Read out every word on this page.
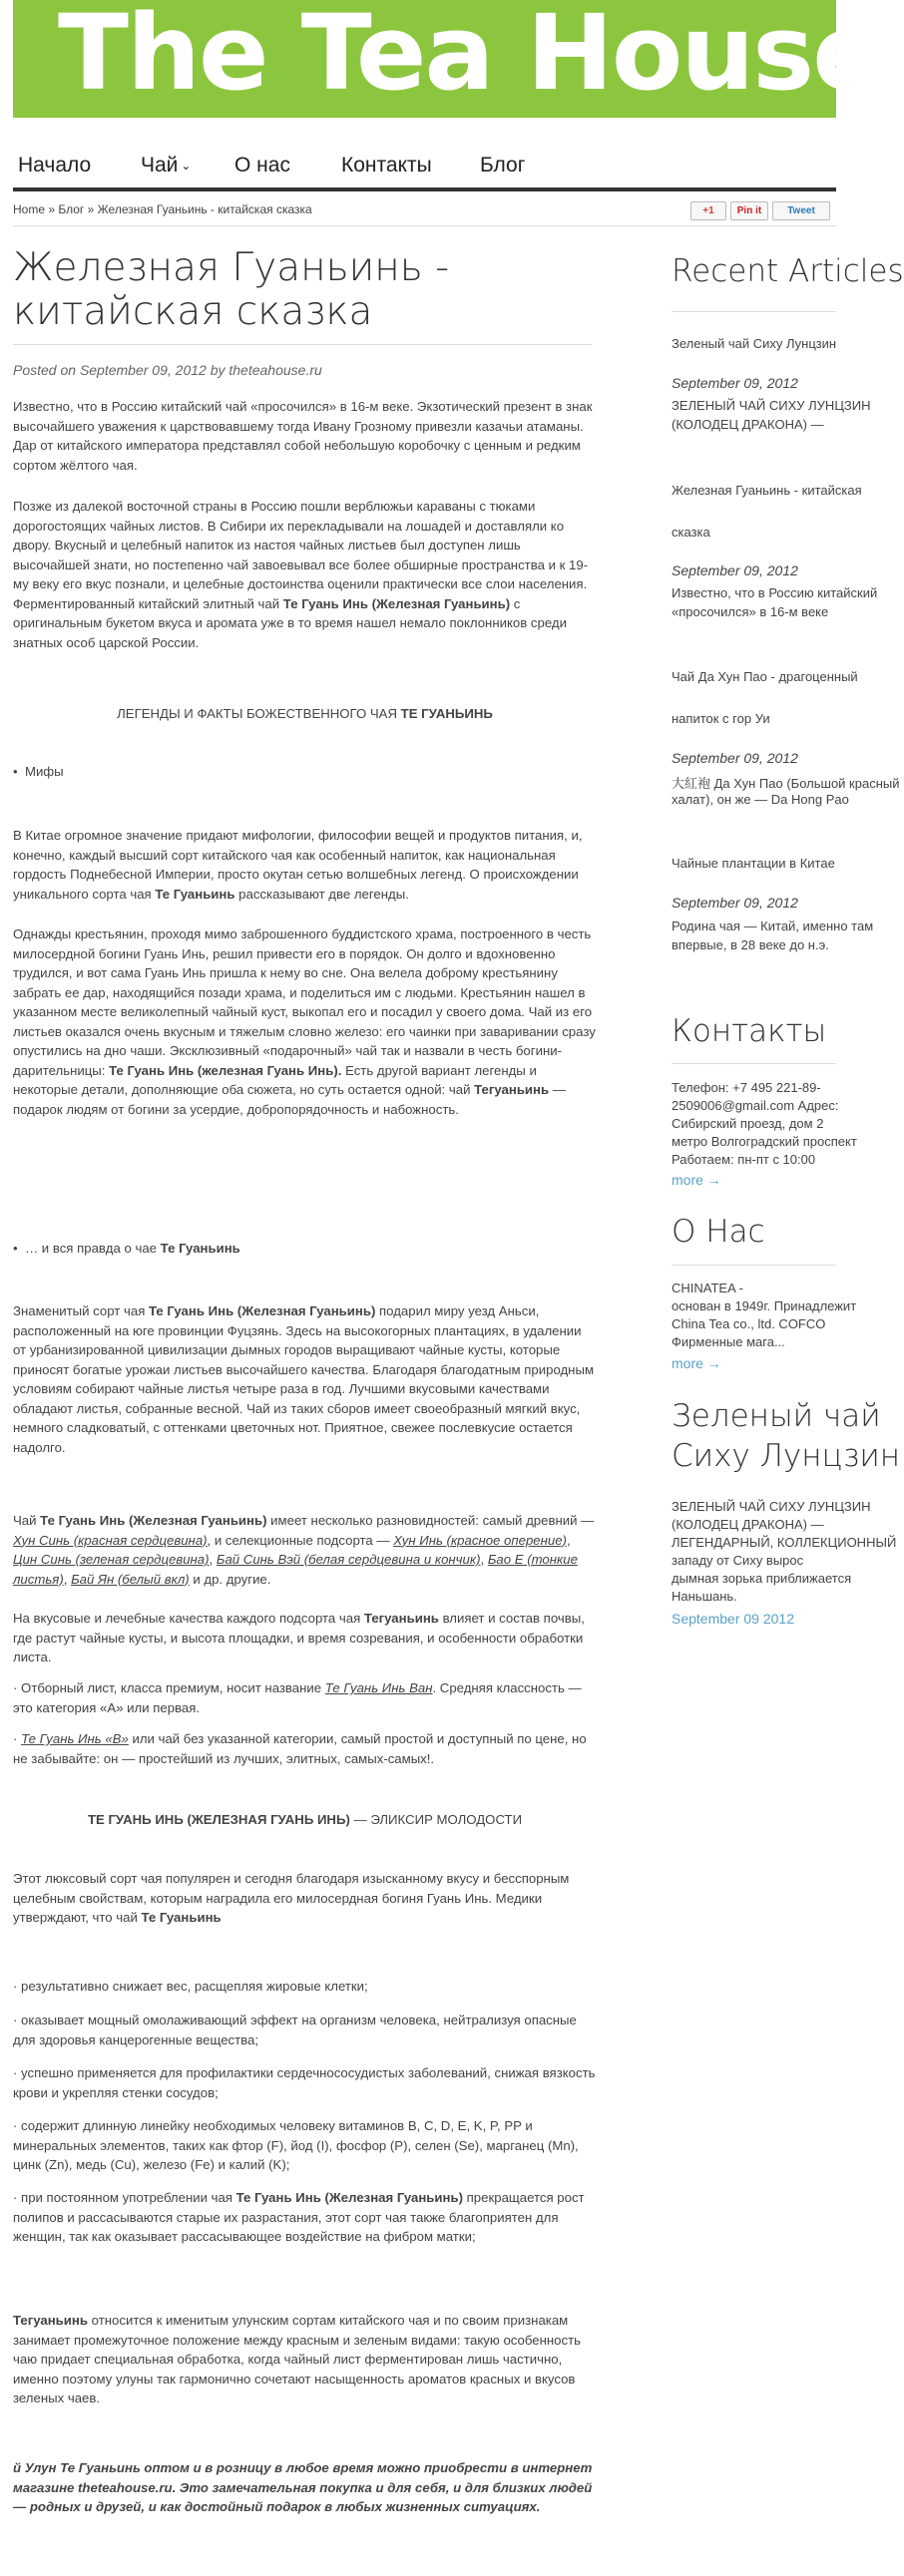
The Tea House
Начало Чай ⌄ О нас Контакты Блог
Home » Блог » Железная Гуаньинь - китайская сказка	+1	Pin it	Tweet
Железная Гуаньинь - китайская сказка
Posted on September 09, 2012 by theteahouse.ru
Известно, что в Россию китайский чай «просочился» в 16-м веке. Экзотический презент в знак высочайшего уважения к царствовавшему тогда Ивану Грозному привезли казачьи атаманы. Дар от китайского императора представлял собой небольшую коробочку с ценным и редким сортом жёлтого чая.
Позже из далекой восточной страны в Россию пошли верблюжьи караваны с тюками дорогостоящих чайных листов. В Сибири их перекладывали на лошадей и доставляли ко двору. Вкусный и целебный напиток из настоя чайных листьев был доступен лишь высочайшей знати, но постепенно чай завоевывал все более обширные пространства и к 19-му веку его вкус познали, и целебные достоинства оценили практически все слои населения. Ферментированный китайский элитный чай Те Гуань Инь (Железная Гуаньинь) с оригинальным букетом вкуса и аромата уже в то время нашел немало поклонников среди знатных особ царской России.
ЛЕГЕНДЫ И ФАКТЫ БОЖЕСТВЕННОГО ЧАЯ ТЕ ГУАНЬИНЬ
•  Мифы
В Китае огромное значение придают мифологии, философии вещей и продуктов питания, и, конечно, каждый высший сорт китайского чая как особенный напиток, как национальная гордость Поднебесной Империи, просто окутан сетью волшебных легенд. О происхождении уникального сорта чая Те Гуаньинь рассказывают две легенды.
Однажды крестьянин, проходя мимо заброшенного буддистского храма, построенного в честь милосердной богини Гуань Инь, решил привести его в порядок. Он долго и вдохновенно трудился, и вот сама Гуань Инь пришла к нему во сне. Она велела доброму крестьянину забрать ее дар, находящийся позади храма, и поделиться им с людьми. Крестьянин нашел в указанном месте великолепный чайный куст, выкопал его и посадил у своего дома. Чай из его листьев оказался очень вкусным и тяжелым словно железо: его чаинки при заваривании сразу опустились на дно чаши. Эксклюзивный «подарочный» чай так и назвали в честь богини-дарительницы: Те Гуань Инь (железная Гуань Инь). Есть другой вариант легенды и некоторые детали, дополняющие оба сюжета, но суть остается одной: чай Тегуаньинь — подарок людям от богини за усердие, добропорядочность и набожность.
•  … и вся правда о чае Те Гуаньинь
Знаменитый сорт чая Те Гуань Инь (Железная Гуаньинь) подарил миру уезд Аньси, расположенный на юге провинции Фуцзянь. Здесь на высокогорных плантациях, в удалении от урбанизированной цивилизации дымных городов выращивают чайные кусты, которые приносят богатые урожаи листьев высочайшего качества. Благодаря благодатным природным условиям собирают чайные листья четыре раза в год. Лучшими вкусовыми качествами обладают листья, собранные весной. Чай из таких сборов имеет своеобразный мягкий вкус, немного сладковатый, с оттенками цветочных нот. Приятное, свежее послевкусие остается надолго.
Чай Те Гуань Инь (Железная Гуаньинь) имеет несколько разновидностей: самый древний — Хун Синь (красная сердцевина), и селекционные подсорта — Хун Инь (красное оперение), Цин Синь (зеленая сердцевина), Бай Синь Вэй (белая сердцевина и кончик), Бао Е (тонкие листья), Бай Ян (белый вкл) и др. другие.
На вкусовые и лечебные качества каждого подсорта чая Тегуаньинь влияет и состав почвы, где растут чайные кусты, и высота площадки, и время созревания, и особенности обработки листа.
· Отборный лист, класса премиум, носит название Те Гуань Инь Ван. Средняя классность — это категория «А» или первая.
· Те Гуань Инь «В» или чай без указанной категории, самый простой и доступный по цене, но не забывайте: он — простейший из лучших, элитных, самых-самых!.
ТЕ ГУАНЬ ИНЬ (ЖЕЛЕЗНАЯ ГУАНЬ ИНЬ) — ЭЛИКСИР МОЛОДОСТИ
Этот люксовый сорт чая популярен и сегодня благодаря изысканному вкусу и бесспорным целебным свойствам, которым наградила его милосердная богиня Гуань Инь. Медики утверждают, что чай Те Гуаньинь
· результативно снижает вес, расщепляя жировые клетки;
· оказывает мощный омолаживающий эффект на организм человека, нейтрализуя опасные для здоровья канцерогенные вещества;
· успешно применяется для профилактики сердечнососудистых заболеваний, снижая вязкость крови и укрепляя стенки сосудов;
· содержит длинную линейку необходимых человеку витаминов B, C, D, E, K, P, PP и минеральных элементов, таких как фтор (F), йод (I), фосфор (P), селен (Se), марганец (Mn), цинк (Zn), медь (Cu), железо (Fe) и калий (K);
· при постоянном употреблении чая Те Гуань Инь (Железная Гуаньинь) прекращается рост полипов и рассасываются старые их разрастания, этот сорт чая также благоприятен для женщин, так как оказывает рассасывающее воздействие на фибром матки;
Тегуаньинь относится к именитым улунским сортам китайского чая и по своим признакам занимает промежуточное положение между красным и зеленым видами: такую особенность чаю придает специальная обработка, когда чайный лист ферментирован лишь частично, именно поэтому улуны так гармонично сочетают насыщенность ароматов красных и вкусов зеленых чаев.
й Улун Те Гуаньинь оптом и в розницу в любое время можно приобрести в интернет магазине theteahouse.ru. Это замечательная покупка и для себя, и для близких людей — родных и друзей, и как достойный подарок в любых жизненных ситуациях.
Recent Articles
Зеленый чай Сиху Лунцзин
September 09, 2012
ЗЕЛЕНЫЙ ЧАЙ СИХУ ЛУНЦЗИН
(КОЛОДЕЦ ДРАКОНА) —
Железная Гуаньинь - китайская
сказка
September 09, 2012
Известно, что в Россию китайский
«просочился» в 16-м веке
Чай Да Хун Пао - драгоценный
напиток с гор Уи
September 09, 2012
大紅袍 Да Хун Пао (Большой красный
халат), он же — Da Hong Pao
Чайные плантации в Китае
September 09, 2012
Родина чая — Китай, именно там
впервые, в 28 веке до н.э.
Контакты
Телефон: +7 495 221-89-
2509006@gmail.com Адрес:
Сибирский проезд, дом 2
метро Волгоградский проспект
Работаем: пн-пт с 10:00
more →
О Нас
CHINATEA -
основан в 1949г. Принадлежит
China Tea co., ltd. COFCO
Фирменные мага...
more →
Зеленый чай
Сиху Лунцзин
ЗЕЛЕНЫЙ ЧАЙ СИХУ ЛУНЦЗИН
(КОЛОДЕЦ ДРАКОНА) —
ЛЕГЕНДАРНЫЙ, КОЛЛЕКЦИОННЫЙ
западу от Сиху вырос
дымная зорька приближается
Наньшань.
September 09 2012
